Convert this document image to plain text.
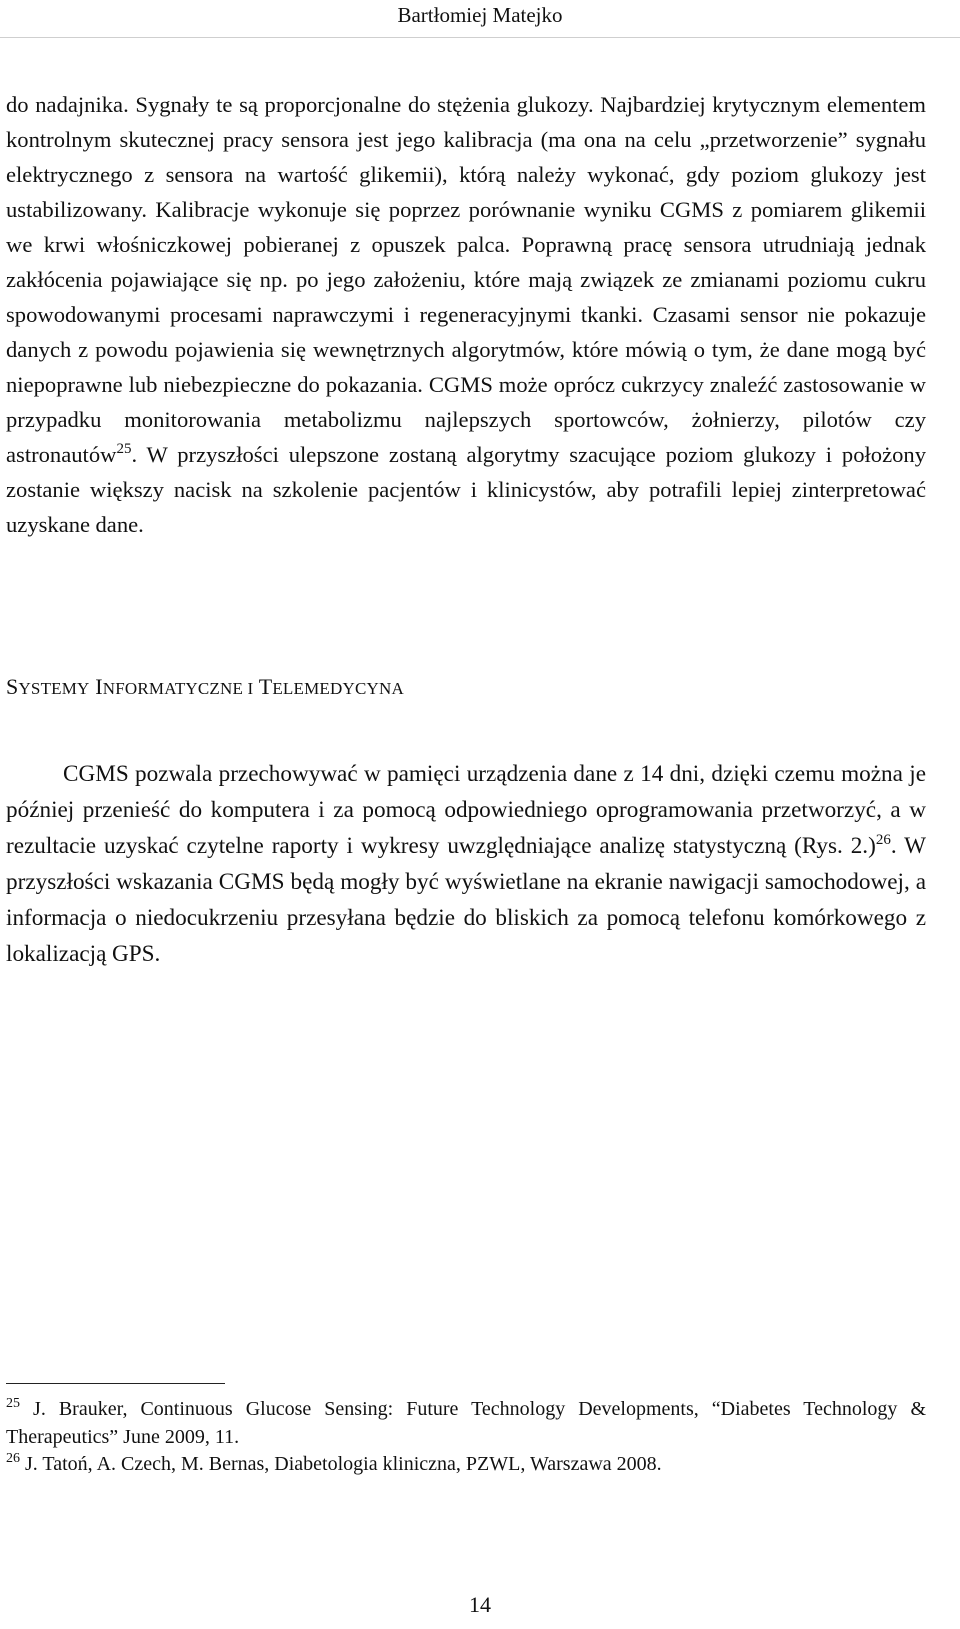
Bartłomiej Matejko

do nadajnika. Sygnały te są proporcjonalne do stężenia glukozy. Najbardziej krytycznym elementem kontrolnym skutecznej pracy sensora jest jego kalibracja (ma ona na celu „przetworzenie” sygnału elektrycznego z sensora na wartość glikemii), którą należy wykonać, gdy poziom glukozy jest ustabilizowany. Kalibracje wykonuje się poprzez porównanie wyniku CGMS z pomiarem glikemii we krwi włośniczkowej pobieranej z opuszek palca. Poprawną pracę sensora utrudniają jednak zakłócenia pojawiające się np. po jego założeniu, które mają związek ze zmianami poziomu cukru spowodowanymi procesami naprawczymi i regeneracyjnymi tkanki. Czasami sensor nie pokazuje danych z powodu pojawienia się wewnętrznych algorytmów, które mówią o tym, że dane mogą być niepoprawne lub niebezpieczne do pokazania. CGMS może oprócz cukrzycy znaleźć zastosowanie w przypadku monitorowania metabolizmu najlepszych sportowców, żołnierzy, pilotów czy astronautów$^{25}$. W przyszłości ulepszone zostaną algorytmy szacujące poziom glukozy i położony zostanie większy nacisk na szkolenie pacjentów i klinicystów, aby potrafili lepiej zinterpretować uzyskane dane.

SYSTEMY INFORMATYCZNE I TELEMEDYCYNA

CGMS pozwala przechowywać w pamięci urządzenia dane z 14 dni, dzięki czemu można je później przenieść do komputera i za pomocą odpowiedniego oprogramowania przetworzyć, a w rezultacie uzyskać czytelne raporty i wykresy uwzględniające analizę statystyczną (Rys. 2.)$^{26}$. W przyszłości wskazania CGMS będą mogły być wyświetlane na ekranie nawigacji samochodowej, a informacja o niedocukrzeniu przesyłana będzie do bliskich za pomocą telefonu komórkowego z lokalizacją GPS.

$^{25}$ J. Brauker, Continuous Glucose Sensing: Future Technology Developments, “Diabetes Technology & Therapeutics” June 2009, 11.

$^{26}$ J. Tatoń, A. Czech, M. Bernas, Diabetologia kliniczna, PZWL, Warszawa 2008.

14
